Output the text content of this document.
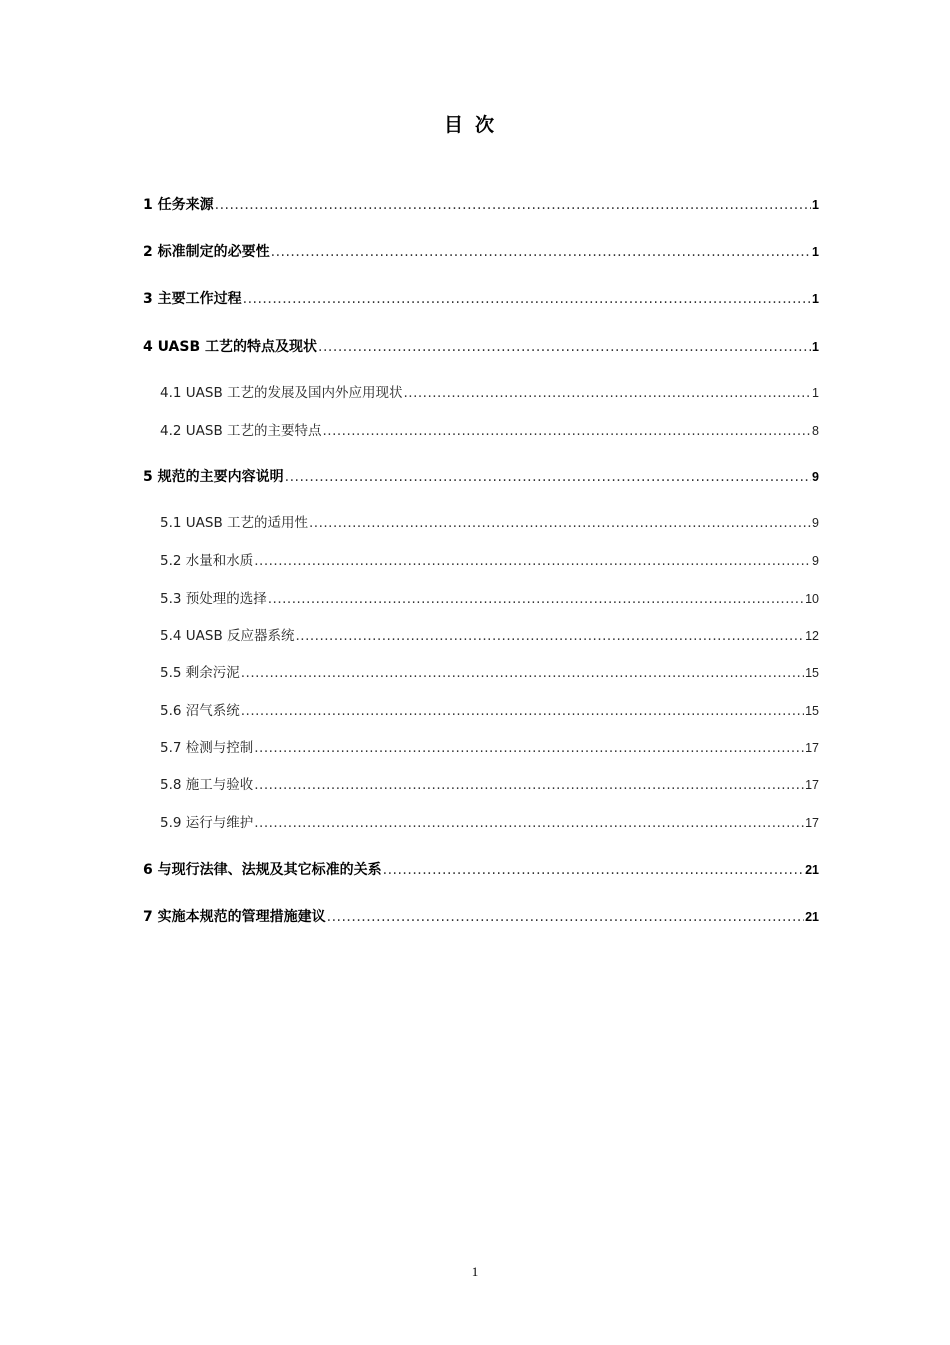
目次
1 任务来源 .....	1
2 标准制定的必要性 .....	1
3 主要工作过程 .....	1
4 UASB 工艺的特点及现状 .....	1
4.1 UASB 工艺的发展及国内外应用现状 .....	1
4.2 UASB 工艺的主要特点 .....	8
5 规范的主要内容说明 .....	9
5.1 UASB 工艺的适用性 .....	9
5.2 水量和水质 .....	9
5.3 预处理的选择 .....	10
5.4 UASB 反应器系统 .....	12
5.5 剩余污泥 .....	15
5.6 沼气系统 .....	15
5.7 检测与控制 .....	17
5.8 施工与验收 .....	17
5.9 运行与维护 .....	17
6 与现行法律、法规及其它标准的关系 .....	21
7 实施本规范的管理措施建议 .....	21
1
